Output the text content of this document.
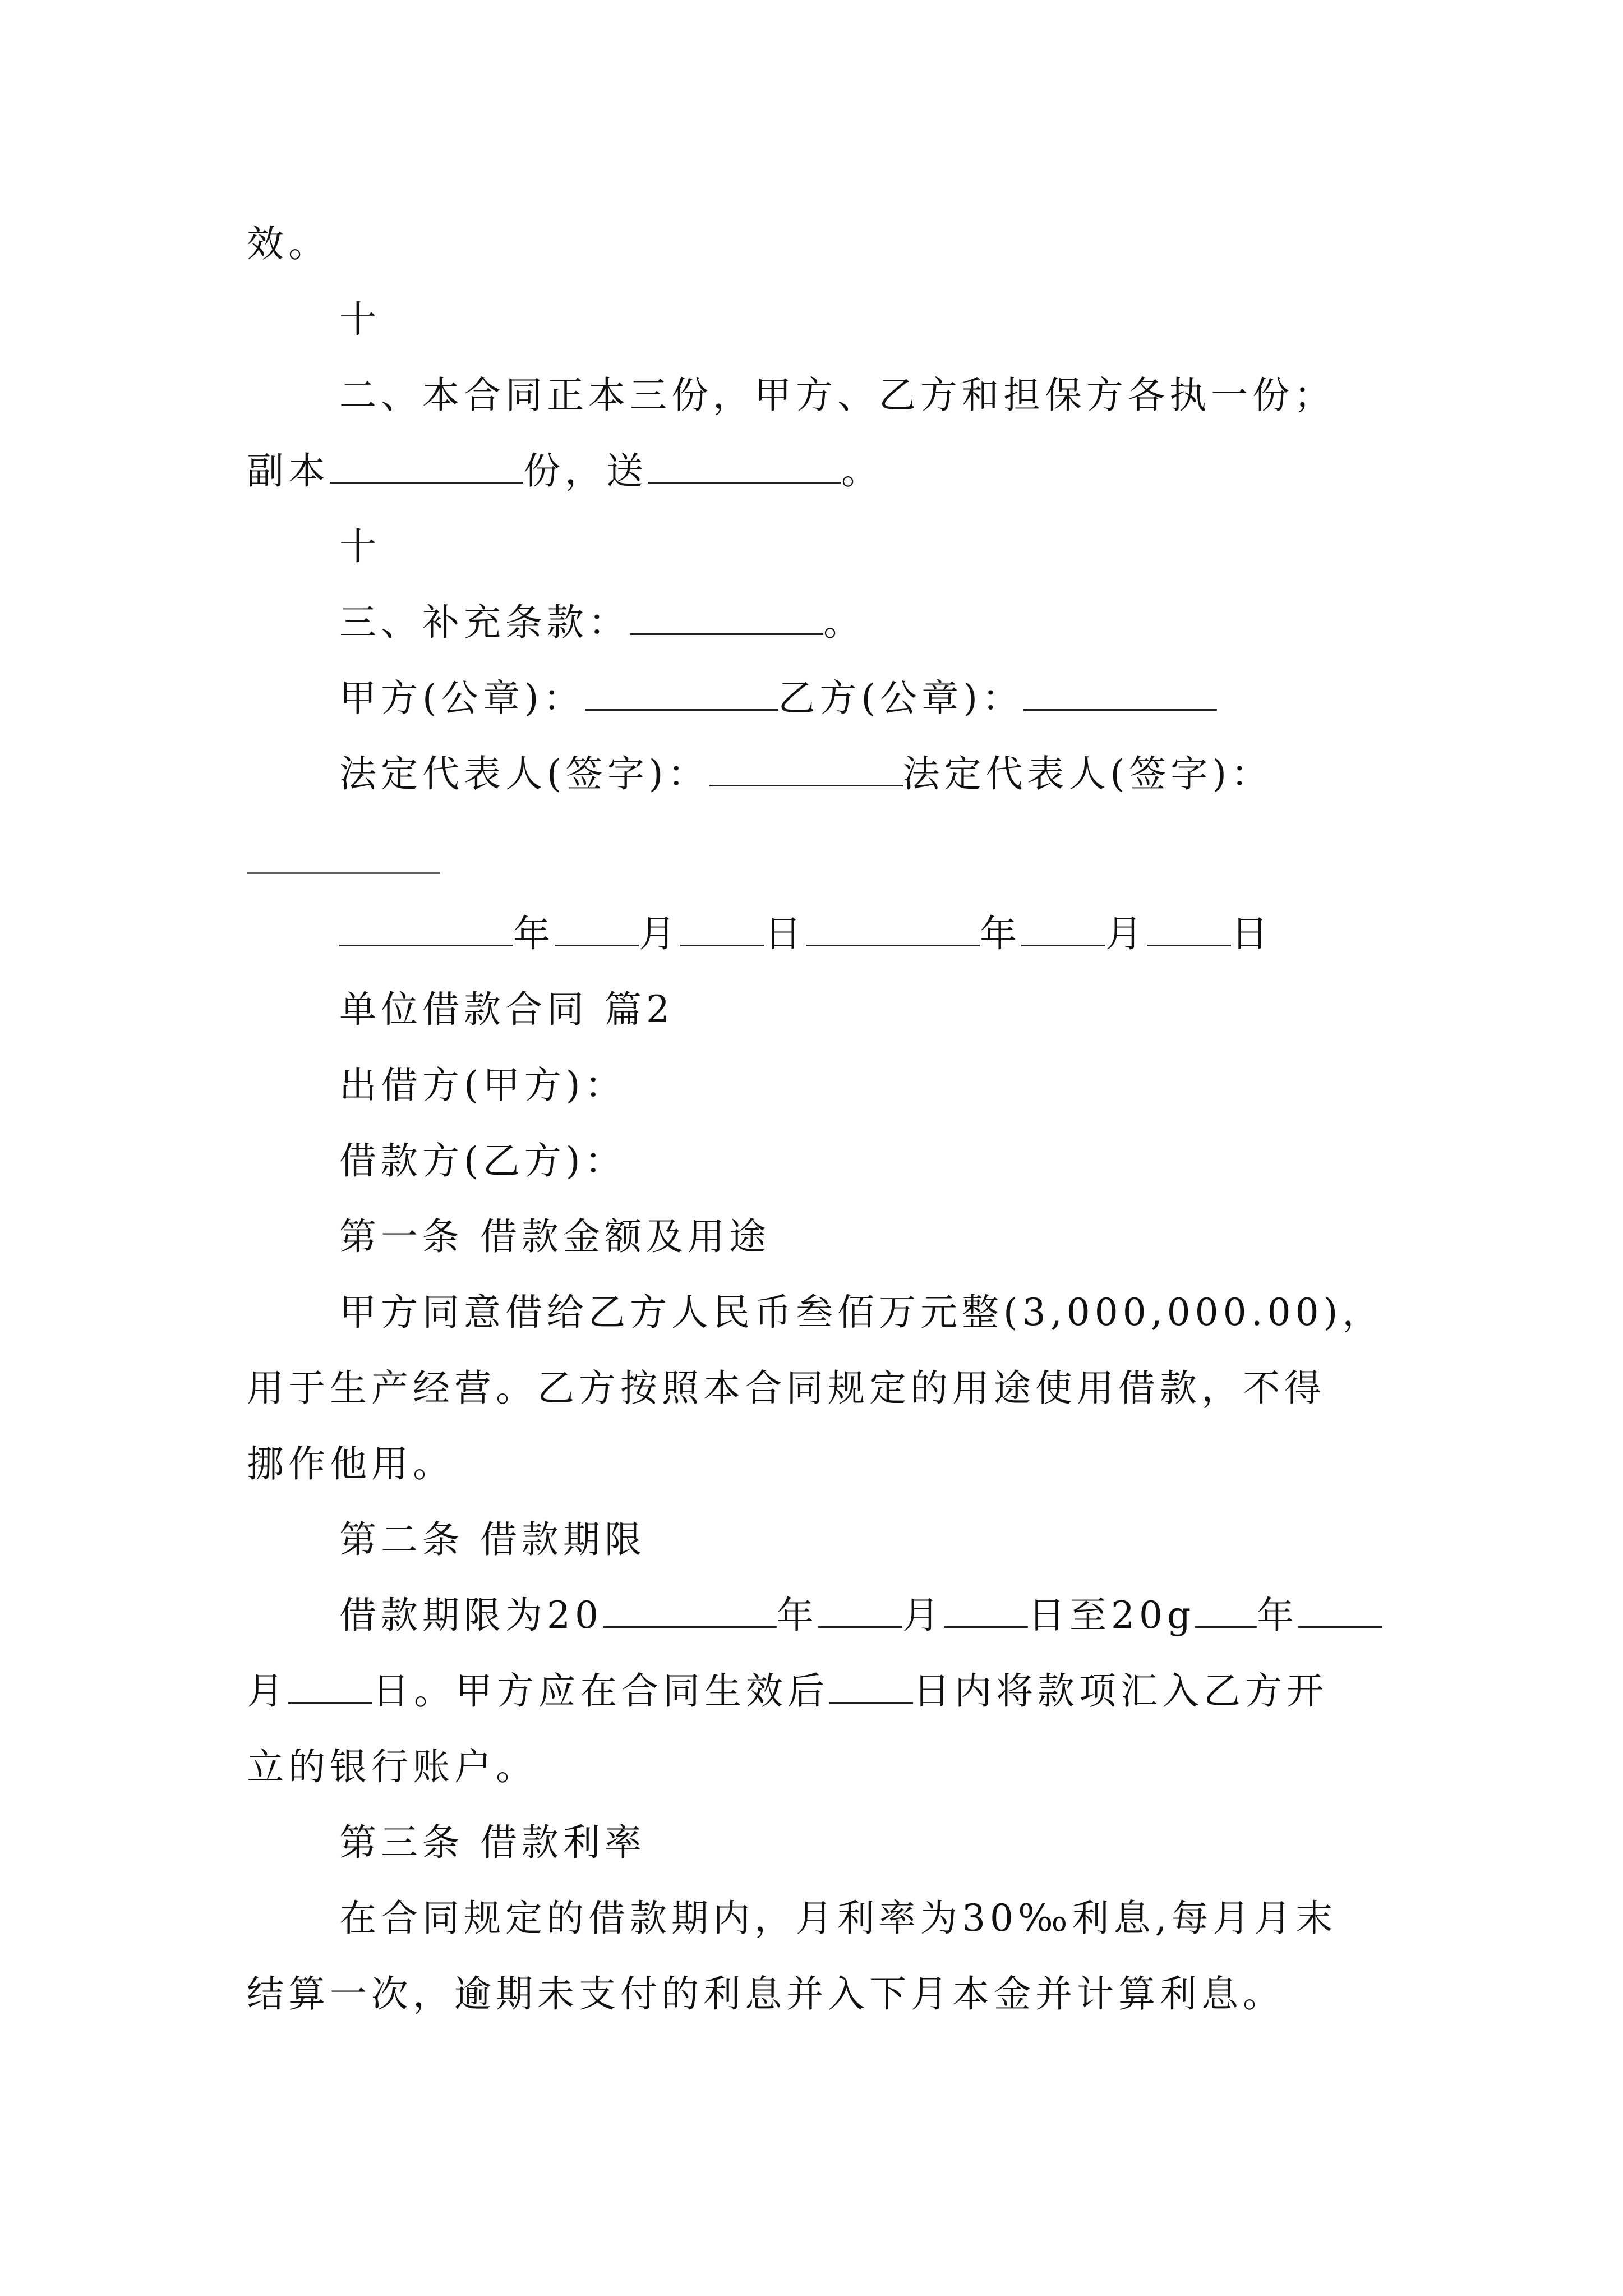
效。
十
二、本合同正本三份，甲方、乙方和担保方各执一份；
副本	份，送	。
十
三、补充条款：	。
甲方(公章)：	乙方(公章)：
法定代表人(签字)：	法定代表人(签字)：
年 月 日	年 月 日
单位借款合同 篇2
出借方(甲方)：
借款方(乙方)：
第一条 借款金额及用途
甲方同意借给乙方人民币叁佰万元整(3,000,000.00)，
用于生产经营。乙方按照本合同规定的用途使用借款，不得
挪作他用。
第二条 借款期限
借款期限为20	年 月 日至20g 年
月 日。甲方应在合同生效后 日内将款项汇入乙方开
立的银行账户。
第三条 借款利率
在合同规定的借款期内，月利率为30‰利息,每月月末
结算一次，逾期未支付的利息并入下月本金并计算利息。
